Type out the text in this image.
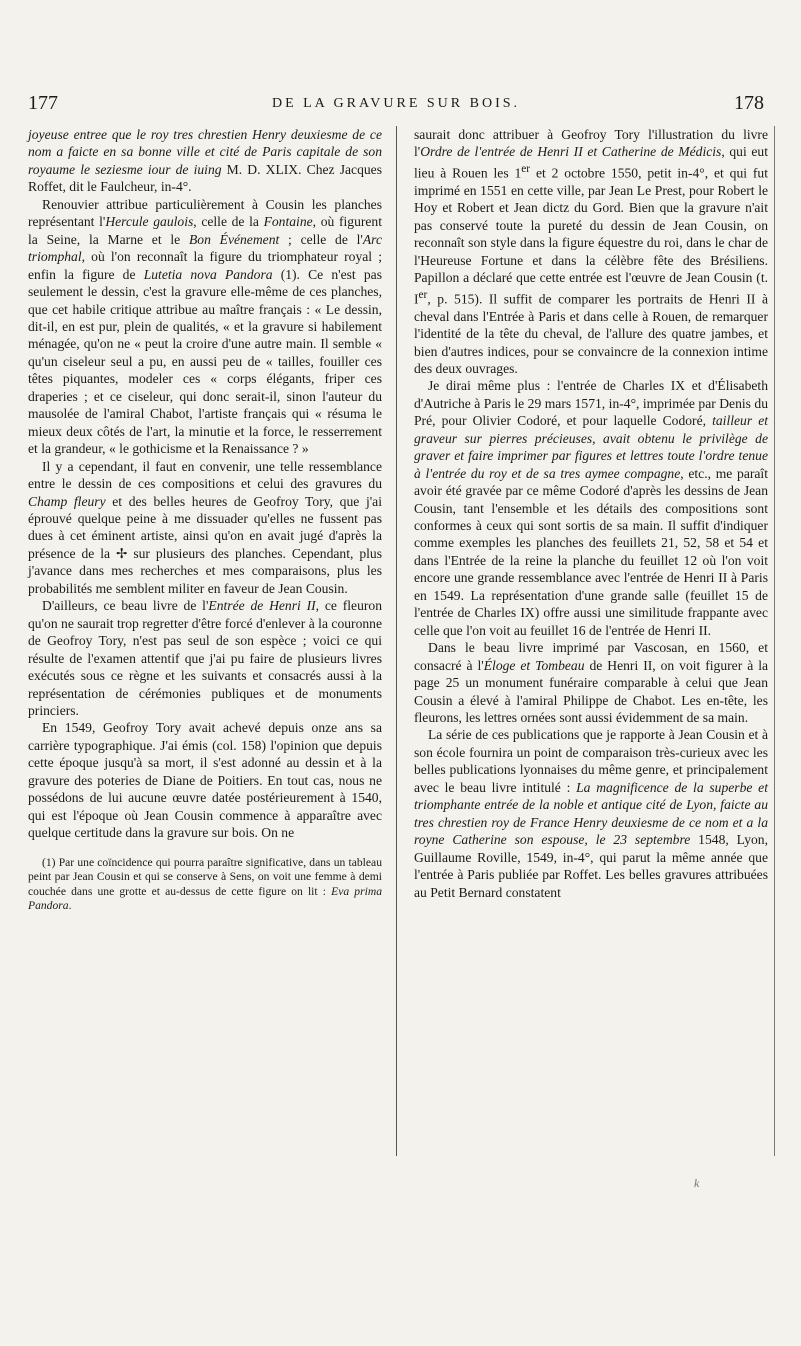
177	DE LA GRAVURE SUR BOIS.	178

joyeuse entree que le roy tres chrestien Henry deuxiesme de ce nom a faicte en sa bonne ville et cité de Paris capitale de son royaume le seziesme iour de iuing M. D. XLIX. Chez Jacques Roffet, dit le Faulcheur, in-4°.

Renouvier attribue particulièrement à Cousin les planches représentant l'Hercule gaulois, celle de la Fontaine, où figurent la Seine, la Marne et le Bon Événement ; celle de l'Arc triomphal, où l'on reconnaît la figure du triomphateur royal ; enfin la figure de Lutetia nova Pandora (1). Ce n'est pas seulement le dessin, c'est la gravure elle-même de ces planches, que cet habile critique attribue au maître français : « Le dessin, dit-il, en est pur, plein de qualités, « et la gravure si habilement ménagée, qu'on ne « peut la croire d'une autre main. Il semble « qu'un ciseleur seul a pu, en aussi peu de « tailles, fouiller ces têtes piquantes, modeler ces « corps élégants, friper ces draperies ; et ce ciseleur, qui donc serait-il, sinon l'auteur du mausolée de l'amiral Chabot, l'artiste français qui « résuma le mieux deux côtés de l'art, la minutie et la force, le resserrement et la grandeur, « le gothicisme et la Renaissance ? »

Il y a cependant, il faut en convenir, une telle ressemblance entre le dessin de ces compositions et celui des gravures du Champ fleury et des belles heures de Geofroy Tory, que j'ai éprouvé quelque peine à me dissuader qu'elles ne fussent pas dues à cet éminent artiste, ainsi qu'on en avait jugé d'après la présence de la ✢ sur plusieurs des planches. Cependant, plus j'avance dans mes recherches et mes comparaisons, plus les probabilités me semblent militer en faveur de Jean Cousin.

D'ailleurs, ce beau livre de l'Entrée de Henri II, ce fleuron qu'on ne saurait trop regretter d'être forcé d'enlever à la couronne de Geofroy Tory, n'est pas seul de son espèce ; voici ce qui résulte de l'examen attentif que j'ai pu faire de plusieurs livres exécutés sous ce règne et les suivants et consacrés aussi à la représentation de cérémonies publiques et de monuments princiers.

En 1549, Geofroy Tory avait achevé depuis onze ans sa carrière typographique. J'ai émis (col. 158) l'opinion que depuis cette époque jusqu'à sa mort, il s'est adonné au dessin et à la gravure des poteries de Diane de Poitiers. En tout cas, nous ne possédons de lui aucune œuvre datée postérieurement à 1540, qui est l'époque où Jean Cousin commence à apparaître avec quelque certitude dans la gravure sur bois. On ne

(1) Par une coïncidence qui pourra paraître significative, dans un tableau peint par Jean Cousin et qui se conserve à Sens, on voit une femme à demi couchée dans une grotte et au-dessus de cette figure on lit : Eva prima Pandora.

saurait donc attribuer à Geofroy Tory l'illustration du livre l'Ordre de l'entrée de Henri II et Catherine de Médicis, qui eut lieu à Rouen les 1er et 2 octobre 1550, petit in-4°, et qui fut imprimé en 1551 en cette ville, par Jean Le Prest, pour Robert le Hoy et Robert et Jean dictz du Gord. Bien que la gravure n'ait pas conservé toute la pureté du dessin de Jean Cousin, on reconnaît son style dans la figure équestre du roi, dans le char de l'Heureuse Fortune et dans la célèbre fête des Brésiliens. Papillon a déclaré que cette entrée est l'œuvre de Jean Cousin (t. Ier, p. 515). Il suffit de comparer les portraits de Henri II à cheval dans l'Entrée à Paris et dans celle à Rouen, de remarquer l'identité de la tête du cheval, de l'allure des quatre jambes, et bien d'autres indices, pour se convaincre de la connexion intime des deux ouvrages.

Je dirai même plus : l'entrée de Charles IX et d'Élisabeth d'Autriche à Paris le 29 mars 1571, in-4°, imprimée par Denis du Pré, pour Olivier Codoré, et pour laquelle Codoré, tailleur et graveur sur pierres précieuses, avait obtenu le privilège de graver et faire imprimer par figures et lettres toute l'ordre tenue à l'entrée du roy et de sa tres aymee compagne, etc., me paraît avoir été gravée par ce même Codoré d'après les dessins de Jean Cousin, tant l'ensemble et les détails des compositions sont conformes à ceux qui sont sortis de sa main. Il suffit d'indiquer comme exemples les planches des feuillets 21, 52, 58 et 54 et dans l'Entrée de la reine la planche du feuillet 12 où l'on voit encore une grande ressemblance avec l'entrée de Henri II à Paris en 1549. La représentation d'une grande salle (feuillet 15 de l'entrée de Charles IX) offre aussi une similitude frappante avec celle que l'on voit au feuillet 16 de l'entrée de Henri II.

Dans le beau livre imprimé par Vascosan, en 1560, et consacré à l'Éloge et Tombeau de Henri II, on voit figurer à la page 25 un monument funéraire comparable à celui que Jean Cousin a élevé à l'amiral Philippe de Chabot. Les en-tête, les fleurons, les lettres ornées sont aussi évidemment de sa main.

La série de ces publications que je rapporte à Jean Cousin et à son école fournira un point de comparaison très-curieux avec les belles publications lyonnaises du même genre, et principalement avec le beau livre intitulé : La magnificence de la superbe et triomphante entrée de la noble et antique cité de Lyon, faicte au tres chrestien roy de France Henry deuxiesme de ce nom et a la royne Catherine son espouse, le 23 septembre 1548, Lyon, Guillaume Roville, 1549, in-4°, qui parut la même année que l'entrée à Paris publiée par Roffet. Les belles gravures attribuées au Petit Bernard constatent

k
